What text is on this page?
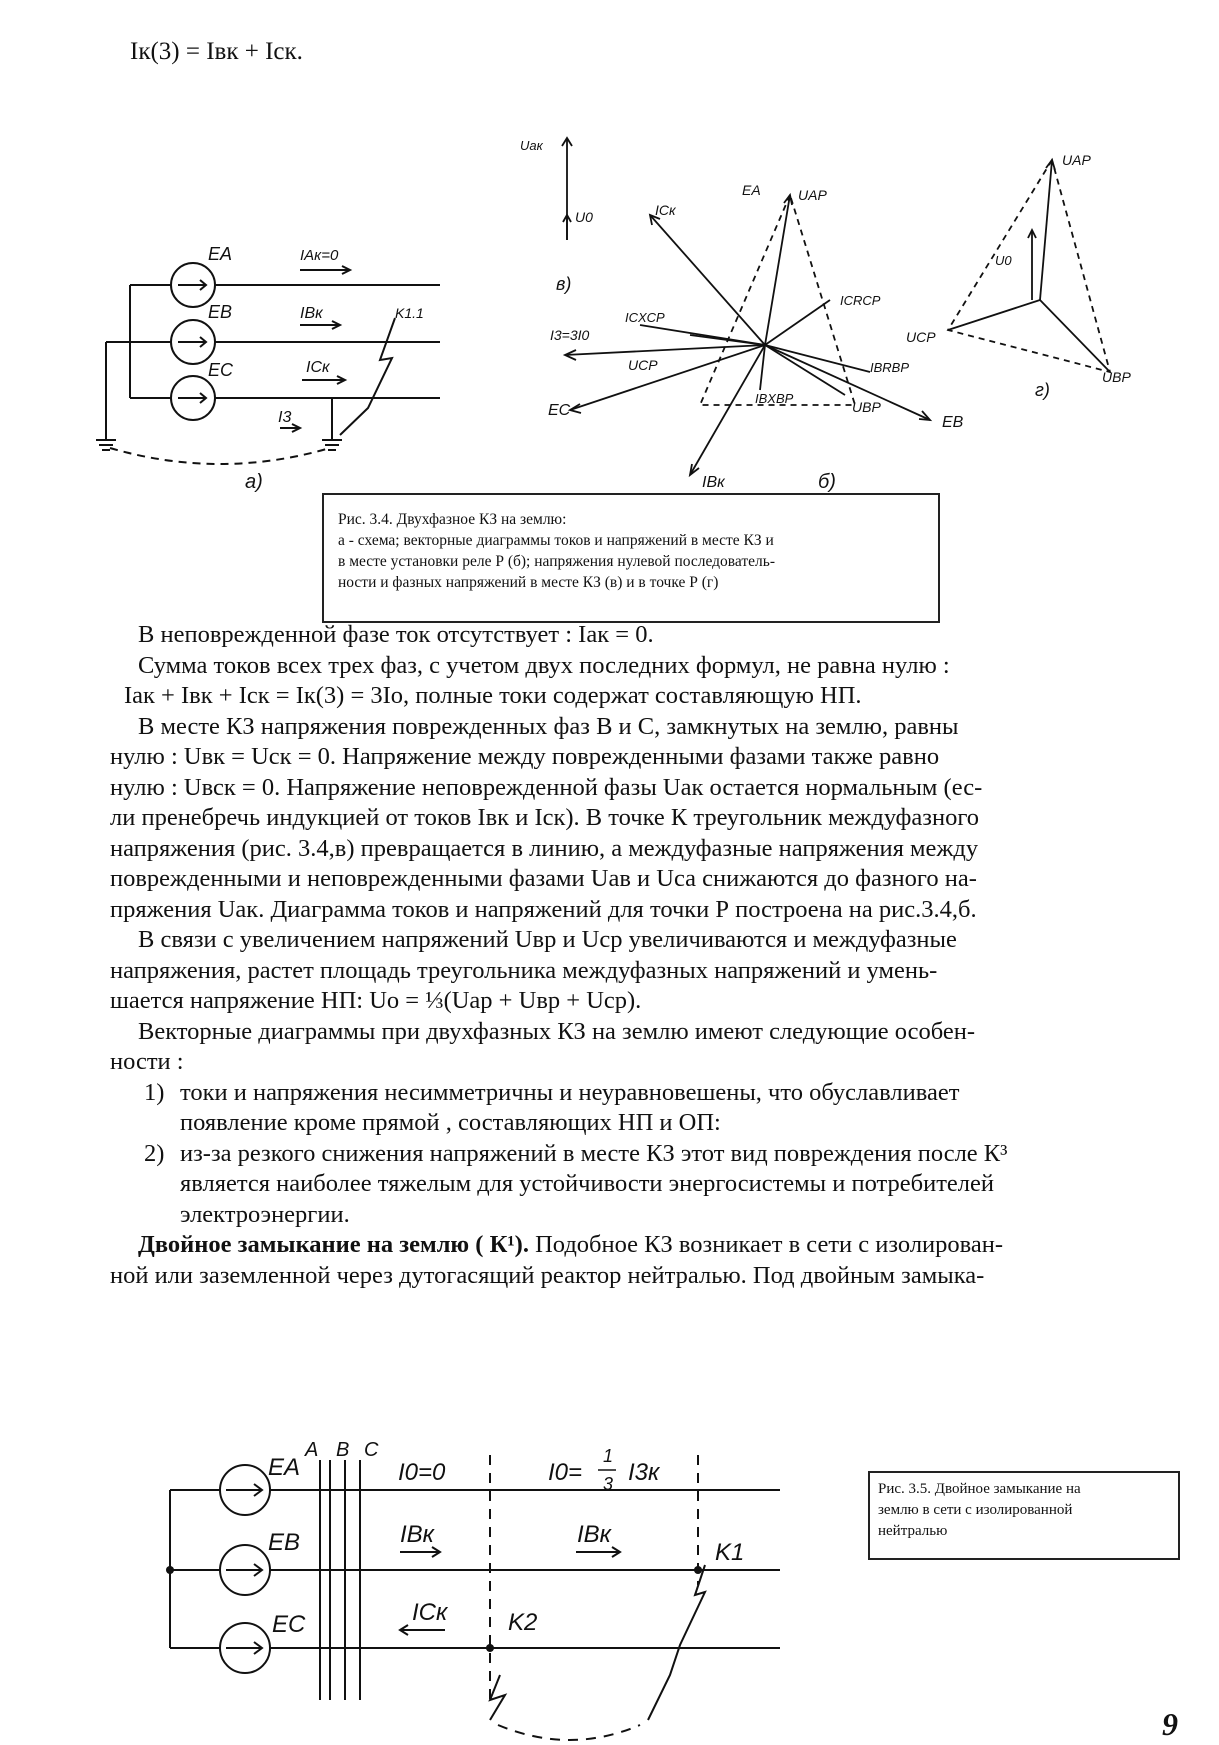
Iк(3) = Iвк + Iск.
EA
EB
EC
IAк=0
IBк
ICк
I3
K1.1
а)
Uак
U0
в)
EA	UAP
ICк
EC
EB
IBк
UCP
UBP
I3=3I0
ICXCP
ICRCP
IBRBP
IBXBP
б)
UAP
UCP
UBP
U0
г)
Рис. 3.4. Двухфазное КЗ на землю:
а - схема; векторные диаграммы токов и напряжений в месте КЗ и
в месте установки реле Р (б); напряжения нулевой последователь-
ности и фазных напряжений в месте КЗ (в) и в точке Р (г)

В неповрежденной фазе ток отсутствует : Iак = 0.

Сумма токов всех трех фаз, с учетом двух последних формул, не равна нулю :

Iак + Iвк + Iск = Iк(3) = 3Io, полные токи содержат составляющую НП.

В месте КЗ напряжения поврежденных фаз В и С, замкнутых на землю, равны

нулю : Uвк = Uск = 0. Напряжение между поврежденными фазами также равно

нулю : Uвск = 0. Напряжение неповрежденной фазы Uак остается нормальным (ес-

ли пренебречь индукцией от токов Iвк и Iск). В точке К треугольник междуфазного

напряжения (рис. 3.4,в) превращается в линию, а междуфазные напряжения между

поврежденными и неповрежденными фазами Uав и Uса снижаются до фазного на-

пряжения Uак. Диаграмма токов и напряжений для точки Р построена на рис.3.4,б.

В связи с увеличением напряжений Uвр и Uср увеличиваются и междуфазные

напряжения, растет площадь треугольника междуфазных напряжений и умень-

шается напряжение НП: Uо = ⅓(Uар + Uвр + Uср).

Векторные диаграммы при двухфазных КЗ на землю имеют следующие особен-

ности :

1) токи и напряжения несимметричны и неуравновешены, что обуславливает

появление кроме прямой , составляющих НП и ОП:

2) из-за резкого снижения напряжений в месте КЗ этот вид повреждения после К³

является наиболее тяжелым для устойчивости энергосистемы и потребителей

электроэнергии.

Двойное замыкание на землю ( К¹). Подобное КЗ возникает в сети с изолирован-

ной или заземленной через дутогасящий реактор нейтралью. Под двойным замыка-

A B C
EA
EB
EC
I0=0	I0=
1
3 I3к
IBк	IBк
ICк
K1
K2
Рис. 3.5. Двойное замыкание на
землю в сети с изолированной
нейтралью
9
